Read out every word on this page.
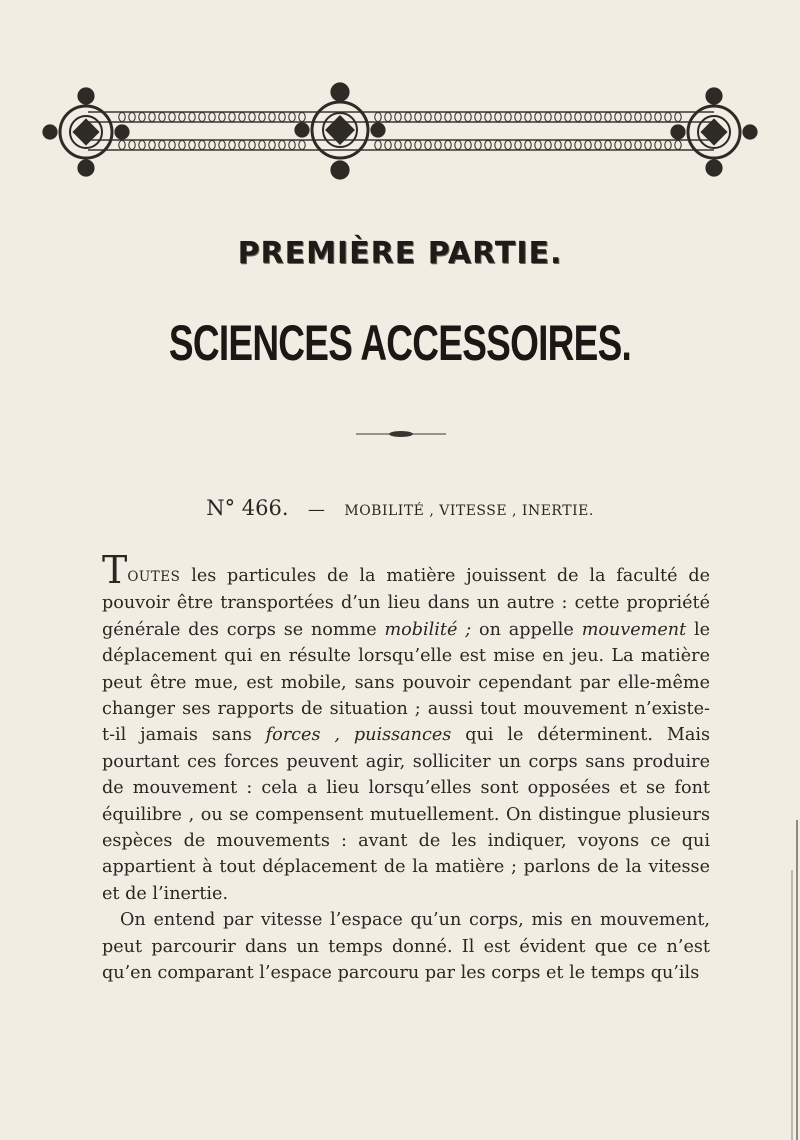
PREMIÈRE PARTIE.
SCIENCES ACCESSOIRES.
N° 466. — MOBILITÉ , VITESSE , INERTIE.

TOUTES les particules de la matière jouissent de la faculté de pouvoir être transportées d’un lieu dans un autre : cette propriété générale des corps se nomme mobilité ; on appelle mouvement le déplacement qui en résulte lorsqu’elle est mise en jeu. La matière peut être mue, est mobile, sans pouvoir cependant par elle-même changer ses rapports de situation ; aussi tout mouvement n’existe-t-il jamais sans forces , puissances qui le déterminent. Mais pourtant ces forces peuvent agir, solliciter un corps sans produire de mouvement : cela a lieu lorsqu’elles sont opposées et se font équilibre , ou se compensent mutuellement. On distingue plusieurs espèces de mouvements : avant de les indiquer, voyons ce qui appartient à tout déplacement de la matière ; parlons de la vitesse et de l’inertie.

On entend par vitesse l’espace qu’un corps, mis en mouvement, peut parcourir dans un temps donné. Il est évident que ce n’est qu’en comparant l’espace parcouru par les corps et le temps qu’ils
